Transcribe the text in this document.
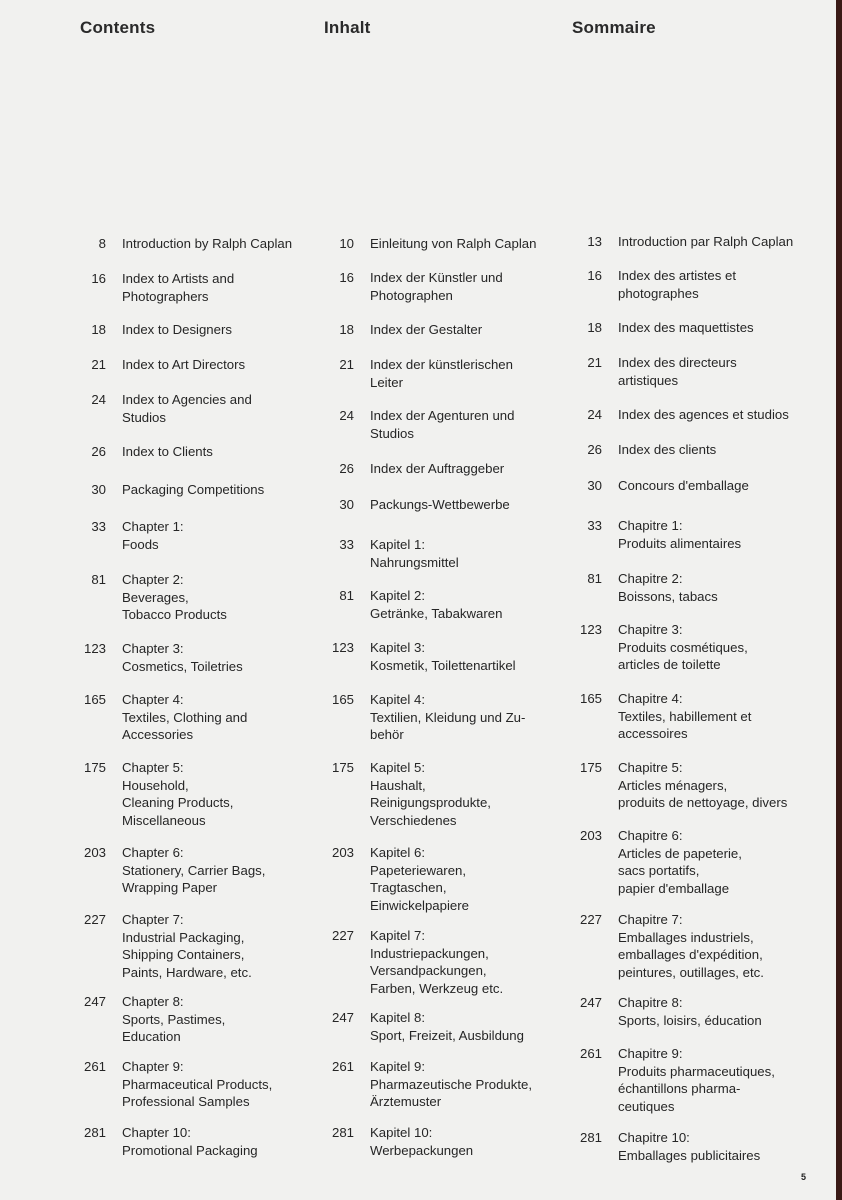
Contents	Inhalt	Sommaire
8 Introduction by Ralph Caplan
16 Index to Artists and
Photographers
18 Index to Designers
21 Index to Art Directors
24 Index to Agencies and
Studios
26 Index to Clients
30 Packaging Competitions
33 Chapter 1:
Foods
81 Chapter 2:
Beverages,
Tobacco Products
123 Chapter 3:
Cosmetics, Toiletries
165 Chapter 4:
Textiles, Clothing and
Accessories
175 Chapter 5:
Household,
Cleaning Products,
Miscellaneous
203 Chapter 6:
Stationery, Carrier Bags,
Wrapping Paper
227 Chapter 7:
Industrial Packaging,
Shipping Containers,
Paints, Hardware, etc.
247 Chapter 8:
Sports, Pastimes,
Education
261 Chapter 9:
Pharmaceutical Products,
Professional Samples
281 Chapter 10:
Promotional Packaging
10 Einleitung von Ralph Caplan
16 Index der Künstler und
Photographen
18 Index der Gestalter
21 Index der künstlerischen
Leiter
24 Index der Agenturen und
Studios
26 Index der Auftraggeber
30 Packungs-Wettbewerbe
33 Kapitel 1:
Nahrungsmittel
81 Kapitel 2:
Getränke, Tabakwaren
123 Kapitel 3:
Kosmetik, Toilettenartikel
165 Kapitel 4:
Textilien, Kleidung und Zu-
behör
175 Kapitel 5:
Haushalt,
Reinigungsprodukte,
Verschiedenes
203 Kapitel 6:
Papeteriewaren,
Tragtaschen,
Einwickelpapiere
227 Kapitel 7:
Industriepackungen,
Versandpackungen,
Farben, Werkzeug etc.
247 Kapitel 8:
Sport, Freizeit, Ausbildung
261 Kapitel 9:
Pharmazeutische Produkte,
Ärztemuster
281 Kapitel 10:
Werbepackungen
13 Introduction par Ralph Caplan
16 Index des artistes et
photographes
18 Index des maquettistes
21 Index des directeurs
artistiques
24 Index des agences et studios
26 Index des clients
30 Concours d'emballage
33 Chapitre 1:
Produits alimentaires
81 Chapitre 2:
Boissons, tabacs
123 Chapitre 3:
Produits cosmétiques,
articles de toilette
165 Chapitre 4:
Textiles, habillement et
accessoires
175 Chapitre 5:
Articles ménagers,
produits de nettoyage, divers
203 Chapitre 6:
Articles de papeterie,
sacs portatifs,
papier d'emballage
227 Chapitre 7:
Emballages industriels,
emballages d'expédition,
peintures, outillages, etc.
247 Chapitre 8:
Sports, loisirs, éducation
261 Chapitre 9:
Produits pharmaceutiques,
échantillons pharma-
ceutiques
281 Chapitre 10:
Emballages publicitaires
5
